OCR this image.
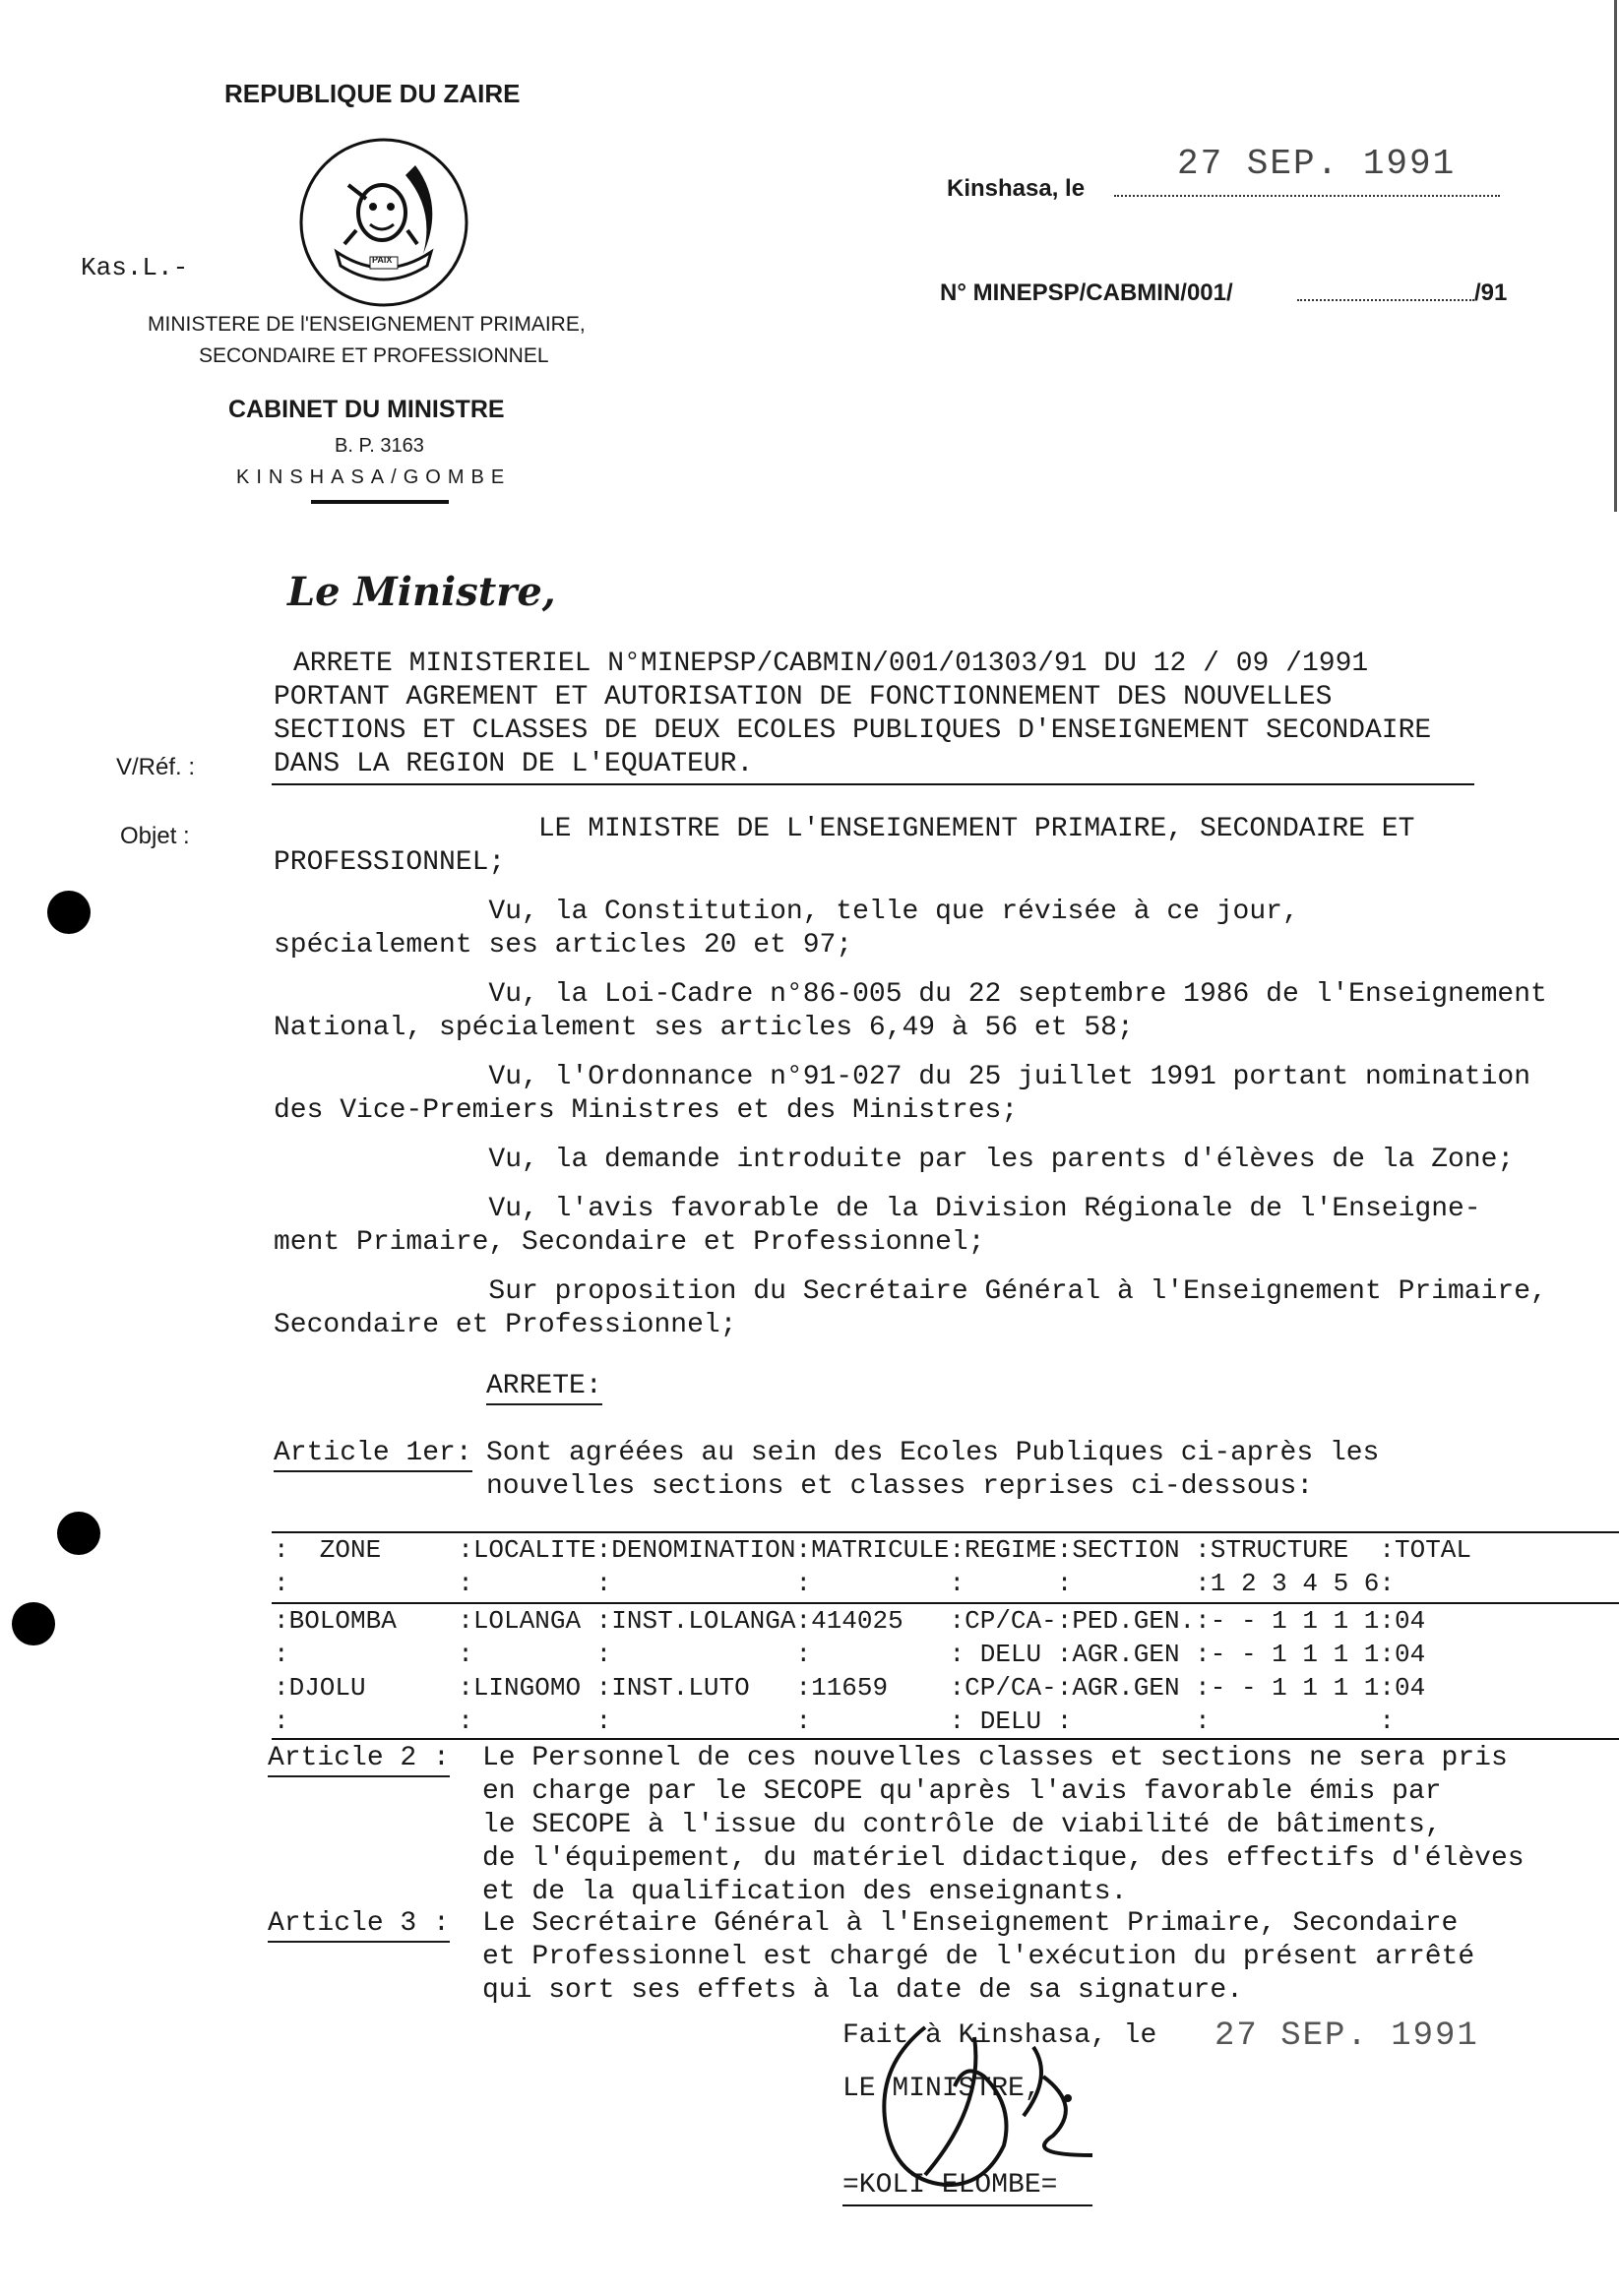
REPUBLIQUE DU ZAIRE
PAIX
Kas.L.-
MINISTERE DE l'ENSEIGNEMENT PRIMAIRE,
SECONDAIRE ET PROFESSIONNEL
CABINET DU MINISTRE
B. P. 3163
KINSHASA/GOMBE
Kinshasa, le
27 SEP. 1991
N° MINEPSP/CABMIN/001/	/91
Le Ministre,
ARRETE MINISTERIEL N°MINEPSP/CABMIN/001/01303/91 DU 12 / 09 /1991
PORTANT AGREMENT ET AUTORISATION DE FONCTIONNEMENT DES NOUVELLES
SECTIONS ET CLASSES DE DEUX ECOLES PUBLIQUES D'ENSEIGNEMENT SECONDAIRE
DANS LA REGION DE L'EQUATEUR.
V/Réf. :
Objet :	LE MINISTRE DE L'ENSEIGNEMENT PRIMAIRE, SECONDAIRE ET
PROFESSIONNEL;
Vu, la Constitution, telle que révisée à ce jour,
spécialement ses articles 20 et 97;
Vu, la Loi-Cadre n°86-005 du 22 septembre 1986 de l'Enseignement
National, spécialement ses articles 6,49 à 56 et 58;
Vu, l'Ordonnance n°91-027 du 25 juillet 1991 portant nomination
des Vice-Premiers Ministres et des Ministres;
Vu, la demande introduite par les parents d'élèves de la Zone;
Vu, l'avis favorable de la Division Régionale de l'Enseigne-
ment Primaire, Secondaire et Professionnel;
Sur proposition du Secrétaire Général à l'Enseignement Primaire,
Secondaire et Professionnel;
ARRETE:
Article 1er: Sont agréées au sein des Ecoles Publiques ci-après les
nouvelles sections et classes reprises ci-dessous:
:  ZONE     :LOCALITE:DENOMINATION:MATRICULE:REGIME:SECTION :STRUCTURE  :TOTAL
:           :        :            :         :      :        :1 2 3 4 5 6:
:BOLOMBA    :LOLANGA :INST.LOLANGA:414025   :CP/CA-:PED.GEN.:- - 1 1 1 1:04
:           :        :            :         : DELU :AGR.GEN :- - 1 1 1 1:04
:DJOLU      :LINGOMO :INST.LUTO   :11659    :CP/CA-:AGR.GEN :- - 1 1 1 1:04
:           :        :            :         : DELU :        :           :
Article 2 : Le Personnel de ces nouvelles classes et sections ne sera pris
en charge par le SECOPE qu'après l'avis favorable émis par
le SECOPE à l'issue du contrôle de viabilité de bâtiments,
de l'équipement, du matériel didactique, des effectifs d'élèves
et de la qualification des enseignants.
Article 3 : Le Secrétaire Général à l'Enseignement Primaire, Secondaire
et Professionnel est chargé de l'exécution du présent arrêté
qui sort ses effets à la date de sa signature.
Fait à Kinshasa, le 27 SEP. 1991
LE MINISTRE,
=KOLI ELOMBE=
